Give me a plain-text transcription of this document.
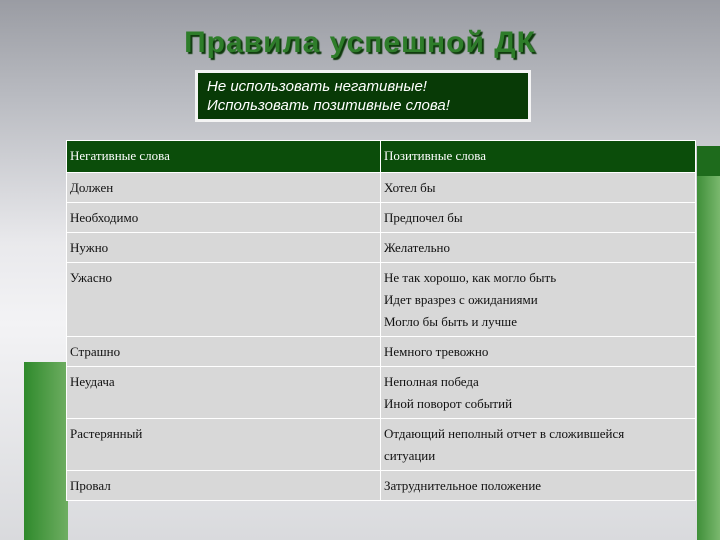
Правила успешной ДК
Не использовать негативные!
Использовать позитивные слова!
Негативные слова	Позитивные слова
Должен	Хотел бы

Необходимо	Предпочел бы

Нужно	Желательно

Ужасно	Не так хорошо, как могло быть
Идет вразрез с ожиданиями
Могло бы быть и лучше

Страшно	Немного тревожно

Неудача	Неполная победа
Иной поворот событий

Растерянный	Отдающий неполный отчет в сложившейся
ситуации

Провал	Затруднительное положение
